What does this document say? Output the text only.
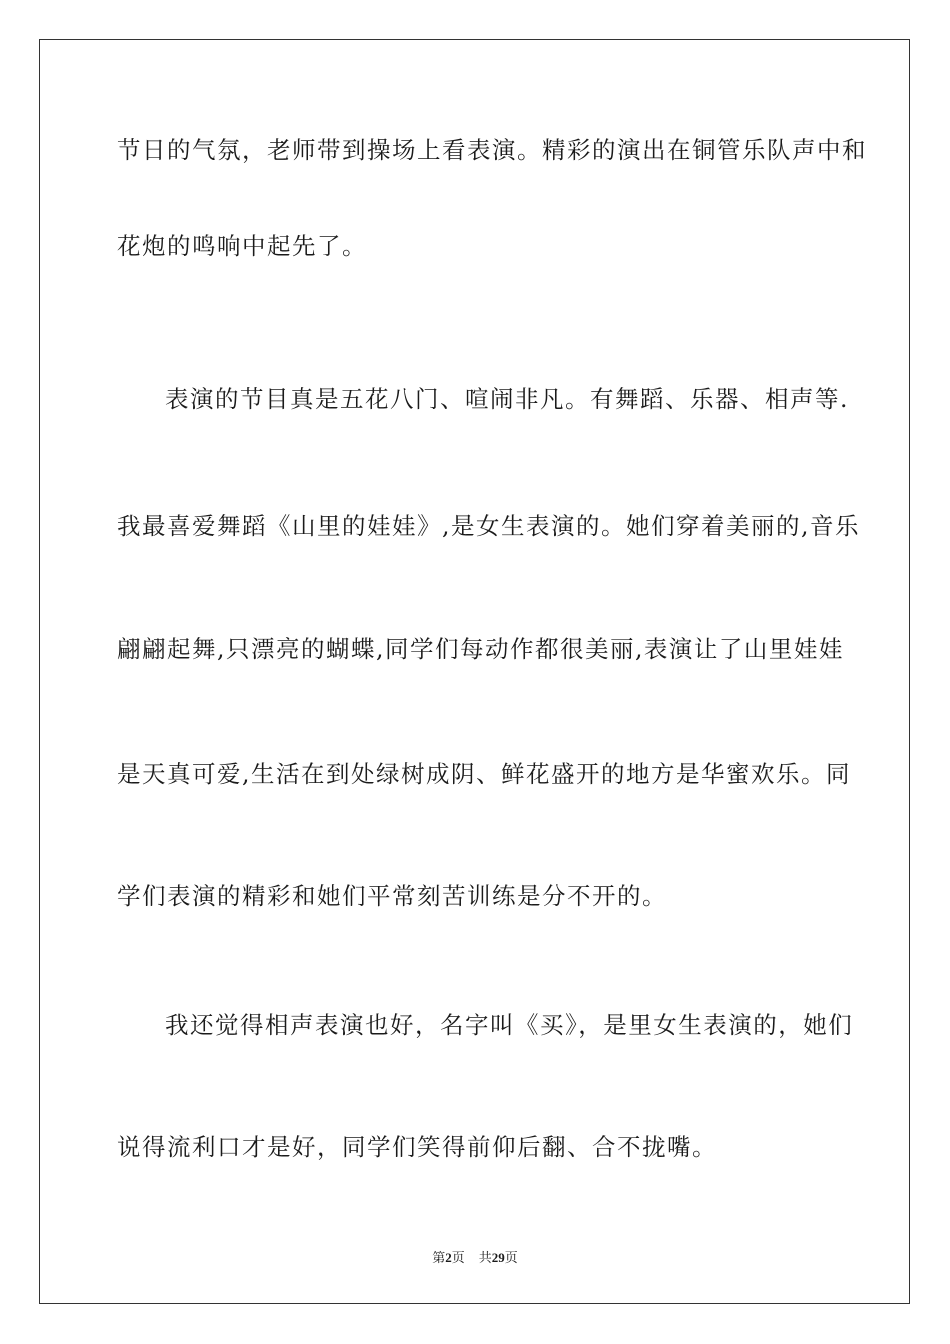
节日的气氛，老师带到操场上看表演。精彩的演出在铜管乐队声中和
花炮的鸣响中起先了。
表演的节目真是五花八门、喧闹非凡。有舞蹈、乐器、相声等.
我最喜爱舞蹈《山里的娃娃》,是女生表演的。她们穿着美丽的,音乐
翩翩起舞,只漂亮的蝴蝶,同学们每动作都很美丽,表演让了山里娃娃
是天真可爱,生活在到处绿树成阴、鲜花盛开的地方是华蜜欢乐。同
学们表演的精彩和她们平常刻苦训练是分不开的。
我还觉得相声表演也好，名字叫《买》，是里女生表演的，她们
说得流利口才是好，同学们笑得前仰后翻、合不拢嘴。
第2页 共29页
